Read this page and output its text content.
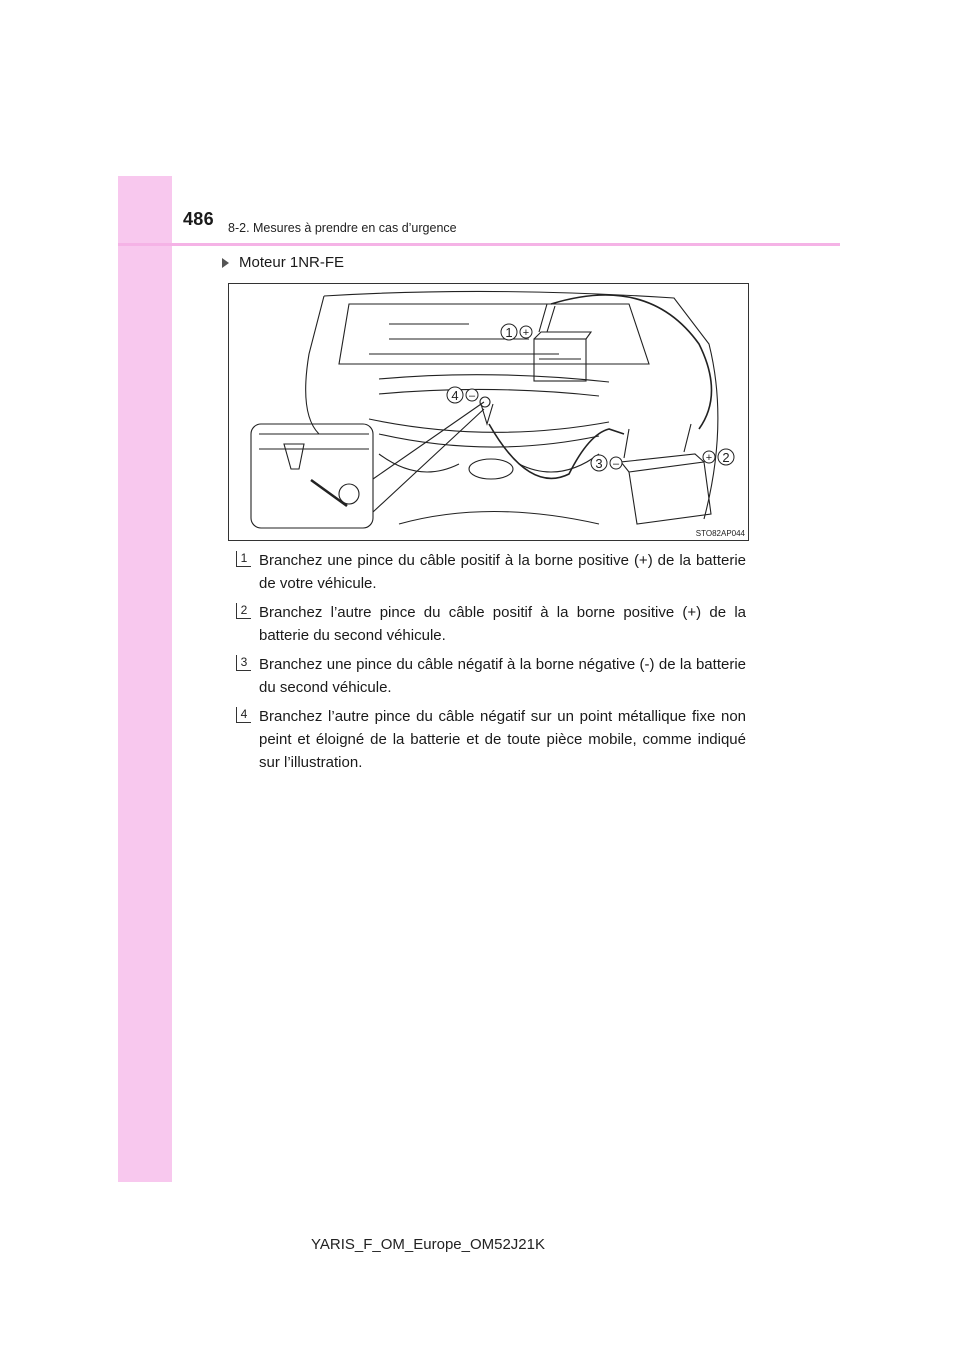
486 8-2. Mesures à prendre en cas d’urgence
Moteur 1NR-FE
1 +
2
+
3 –
4 –
STO82AP044
1 Branchez une pince du câble positif à la borne positive (+) de la batterie de votre véhicule.
2 Branchez l’autre pince du câble positif à la borne positive (+) de la batterie du second véhicule.
3 Branchez une pince du câble négatif à la borne négative (-) de la batterie du second véhicule.
4 Branchez l’autre pince du câble négatif sur un point métallique fixe non peint et éloigné de la batterie et de toute pièce mobile, comme indiqué sur l’illustration.
YARIS_F_OM_Europe_OM52J21K
